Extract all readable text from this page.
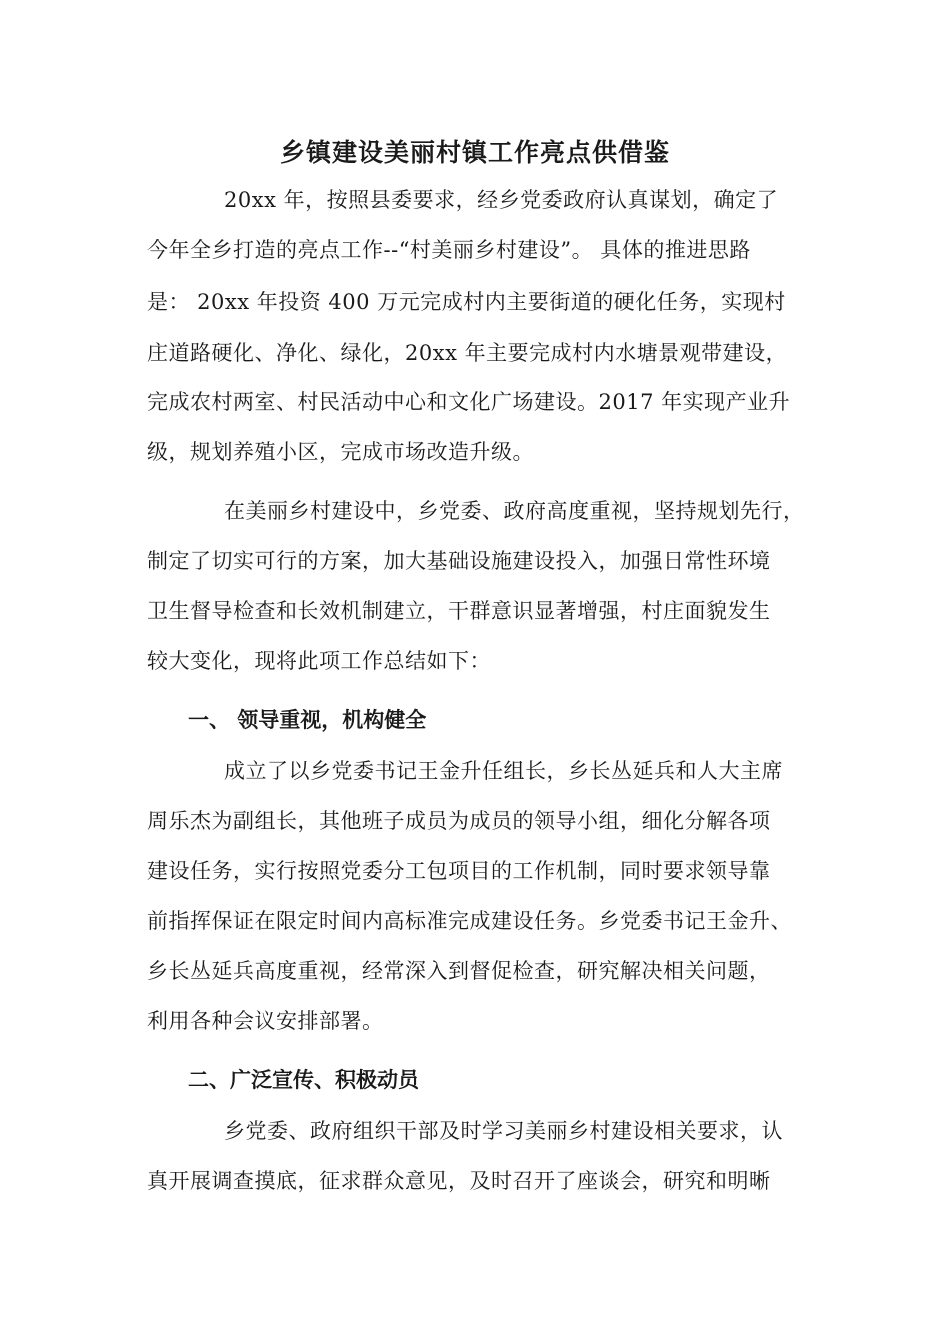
乡镇建设美丽村镇工作亮点供借鉴
20xx 年，按照县委要求，经乡党委政府认真谋划，确定了
今年全乡打造的亮点工作--“村美丽乡村建设”。 具体的推进思路
是： 20xx 年投资 400 万元完成村内主要街道的硬化任务，实现村
庄道路硬化、净化、绿化，20xx 年主要完成村内水塘景观带建设，
完成农村两室、村民活动中心和文化广场建设。2017 年实现产业升
级，规划养殖小区，完成市场改造升级。
在美丽乡村建设中，乡党委、政府高度重视，坚持规划先行，
制定了切实可行的方案，加大基础设施建设投入，加强日常性环境
卫生督导检查和长效机制建立，干群意识显著增强，村庄面貌发生
较大变化，现将此项工作总结如下：
一、 领导重视，机构健全
成立了以乡党委书记王金升任组长，乡长丛延兵和人大主席
周乐杰为副组长，其他班子成员为成员的领导小组，细化分解各项
建设任务，实行按照党委分工包项目的工作机制，同时要求领导靠
前指挥保证在限定时间内高标准完成建设任务。乡党委书记王金升、
乡长丛延兵高度重视，经常深入到督促检查，研究解决相关问题，
利用各种会议安排部署。
二、广泛宣传、积极动员
乡党委、政府组织干部及时学习美丽乡村建设相关要求，认
真开展调查摸底，征求群众意见，及时召开了座谈会，研究和明晰
